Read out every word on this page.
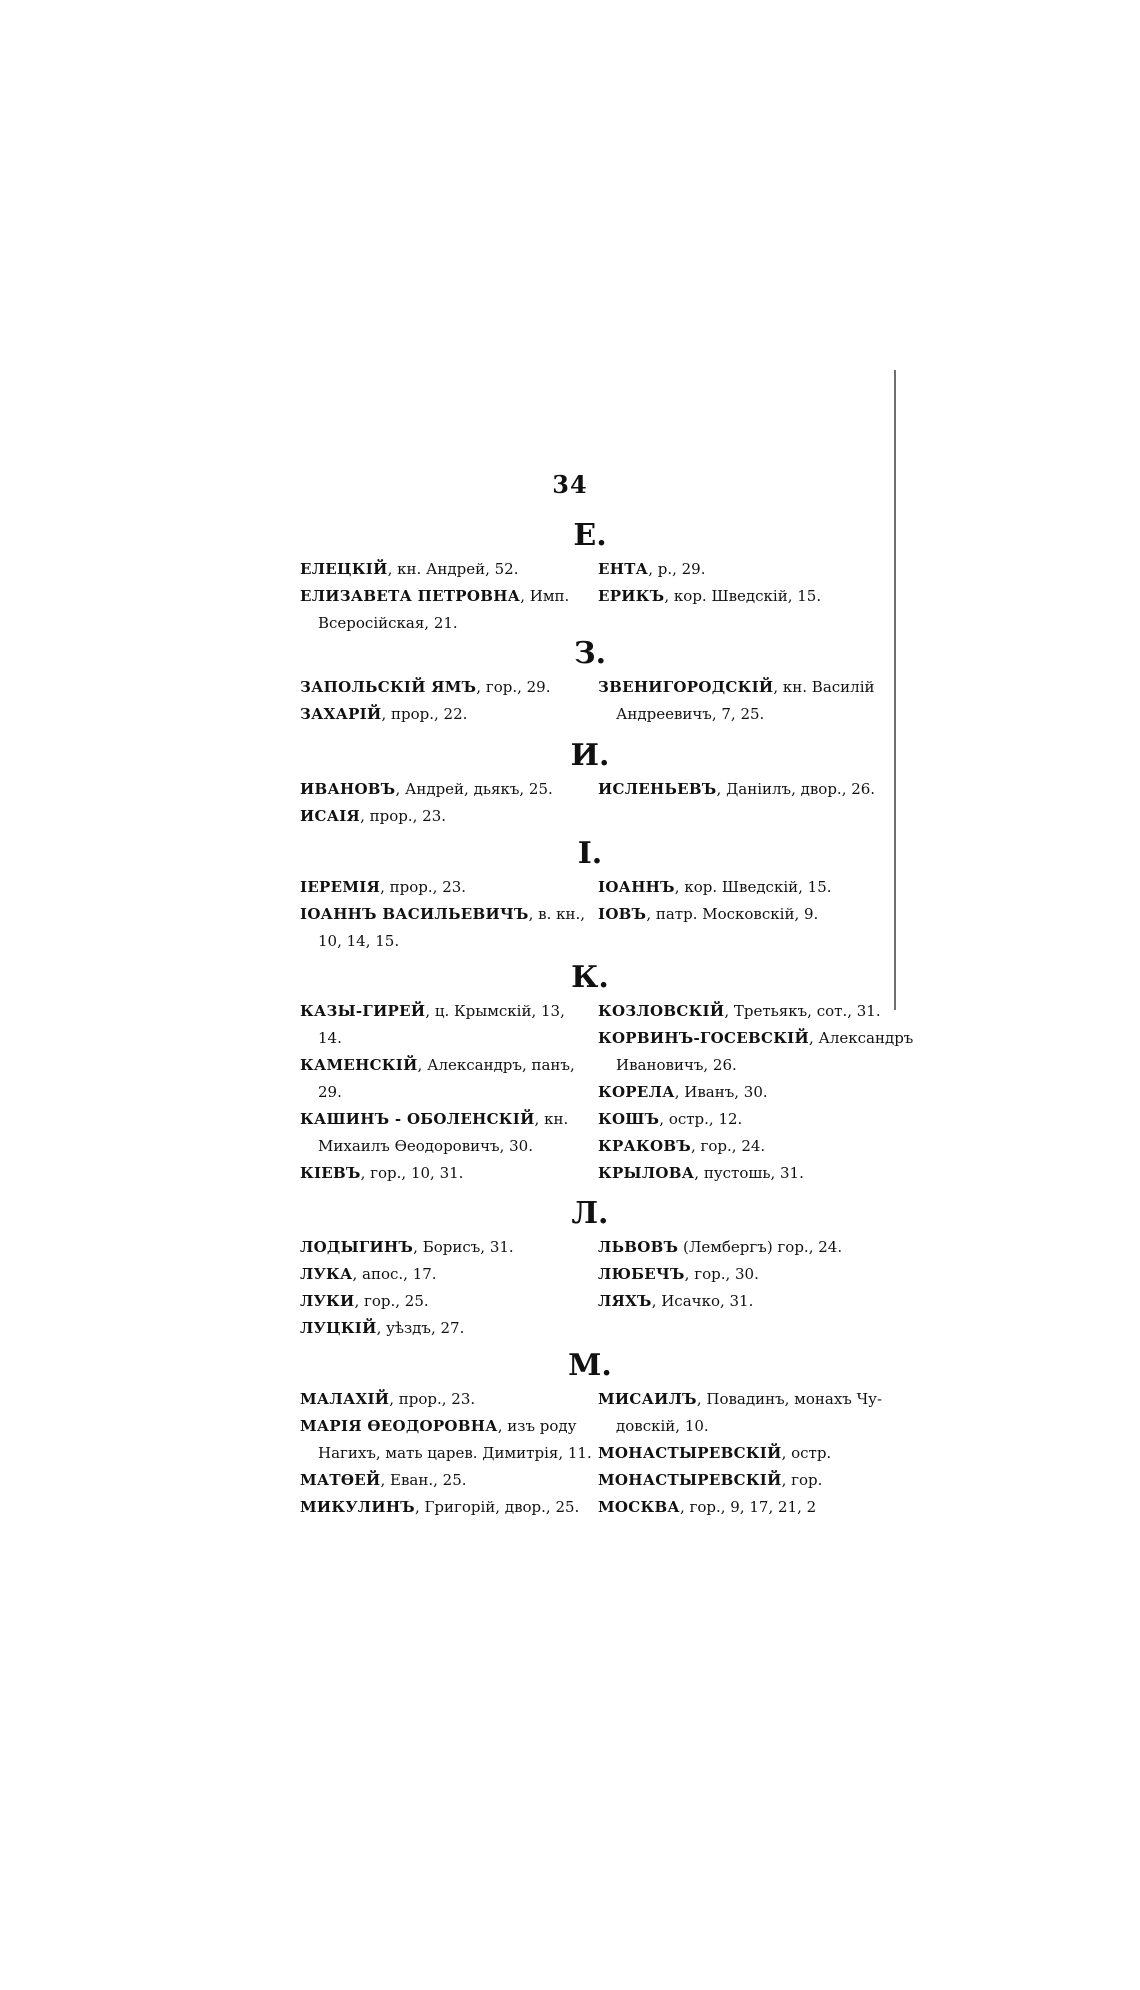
34
Е.
ЕЛЕЦКІЙ, кн. Андрей, 52.
ЕЛИЗАВЕТА ПЕТРОВНА, Имп.
Всеросійская, 21.
ЕНТА, р., 29.
ЕРИКЪ, кор. Шведскій, 15.
З.
ЗАПОЛЬСКІЙ ЯМЪ, гор., 29.
ЗАХАРІЙ, прор., 22.
ЗВЕНИГОРОДСКІЙ, кн. Василій
Андреевичъ, 7, 25.
И.
ИВАНОВЪ, Андрей, дьякъ, 25.
ИСАІЯ, прор., 23.
ИСЛЕНЬЕВЪ, Даніилъ, двор., 26.
І.
ІЕРЕМІЯ, прор., 23.
ІОАННЪ ВАСИЛЬЕВИЧЪ, в. кн.,
10, 14, 15.
ІОАННЪ, кор. Шведскій, 15.
ІОВЪ, патр. Московскій, 9.
К.
КАЗЫ-ГИРЕЙ, ц. Крымскій, 13,
14.
КАМЕНСКІЙ, Александръ, панъ,
29.
КАШИНЪ - ОБОЛЕНСКІЙ, кн.
Михаилъ Ѳеодоровичъ, 30.
КІЕВЪ, гор., 10, 31.
КОЗЛОВСКІЙ, Третьякъ, сот., 31.
КОРВИНЪ-ГОСЕВСКІЙ, Александръ
Ивановичъ, 26.
КОРЕЛА, Иванъ, 30.
КОШЪ, остр., 12.
КРАКОВЪ, гор., 24.
КРЫЛОВА, пустошь, 31.
Л.
ЛОДЫГИНЪ, Борисъ, 31.
ЛУКА, апос., 17.
ЛУКИ, гор., 25.
ЛУЦКІЙ, уѣздъ, 27.
ЛЬВОВЪ (Лембергъ) гор., 24.
ЛЮБЕЧЪ, гор., 30.
ЛЯХЪ, Исачко, 31.
М.
МАЛАХІЙ, прор., 23.
МАРІЯ ѲЕОДОРОВНА, изъ роду
Нагихъ, мать царев. Димитрія, 11.
МАТѲЕЙ, Еван., 25.
МИКУЛИНЪ, Григорій, двор., 25.
МИСАИЛЪ, Повадинъ, монахъ Чу-
довскій, 10.
МОНАСТЫРЕВСКІЙ, остр.
МОНАСТЫРЕВСКІЙ, гор.
МОСКВА, гор., 9, 17, 21, 2
